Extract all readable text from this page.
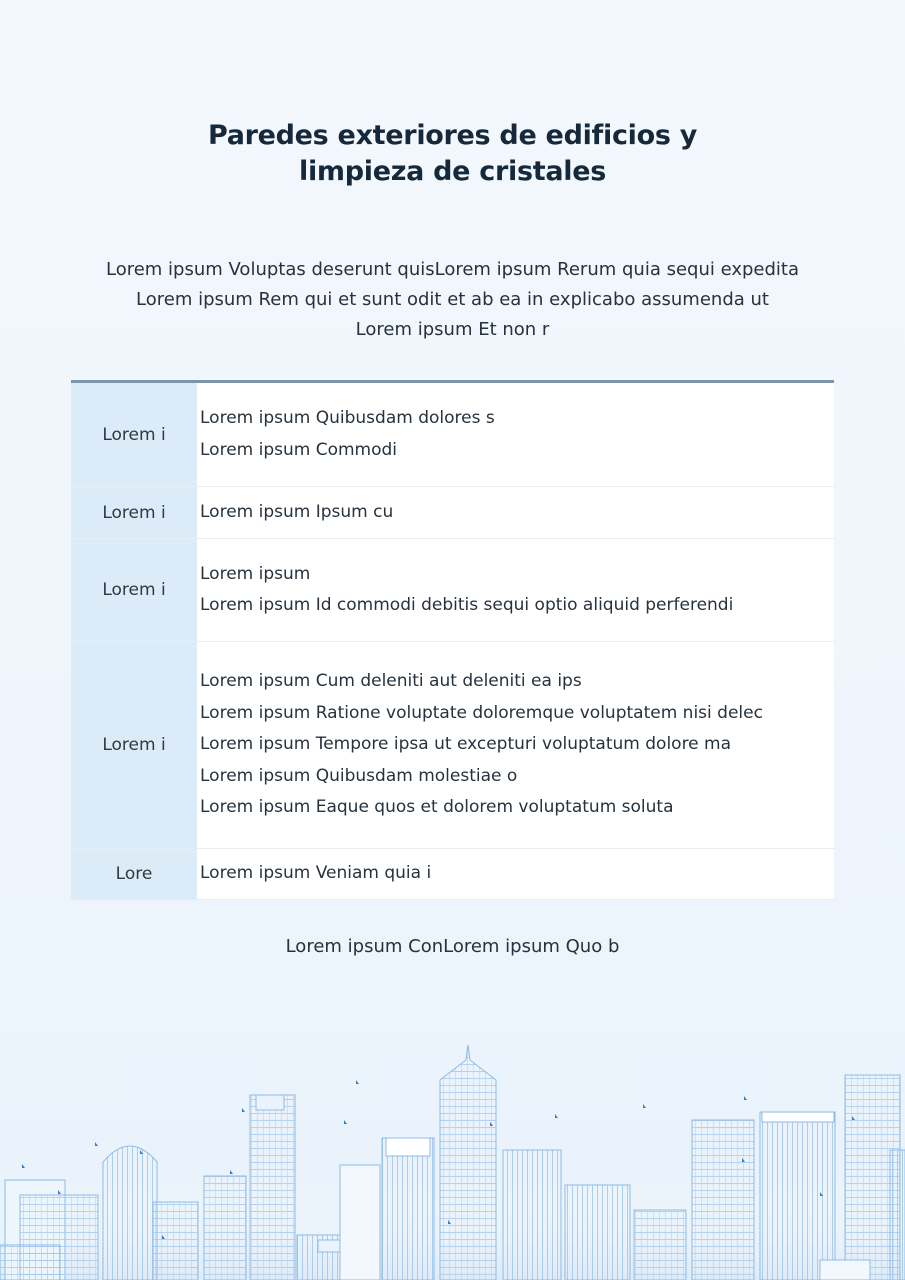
Paredes exteriores de edificios y
limpieza de cristales
Lorem ipsum Voluptas deserunt quisLorem ipsum Rerum quia sequi expedita
Lorem ipsum Rem qui et sunt odit et ab ea in explicabo assumenda ut
Lorem ipsum Et non r
Lorem i	Lorem ipsum Quibusdam dolores s
Lorem ipsum Commodi

Lorem i	Lorem ipsum Ipsum cu

Lorem i	Lorem ipsum
Lorem ipsum Id commodi debitis sequi optio aliquid perferendi

Lorem i	Lorem ipsum Cum deleniti aut deleniti ea ips
Lorem ipsum Ratione voluptate doloremque voluptatem nisi delec
Lorem ipsum Tempore ipsa ut excepturi voluptatum dolore ma
Lorem ipsum Quibusdam molestiae o
Lorem ipsum Eaque quos et dolorem voluptatum soluta

Lore	Lorem ipsum Veniam quia i
Lorem ipsum ConLorem ipsum Quo b
